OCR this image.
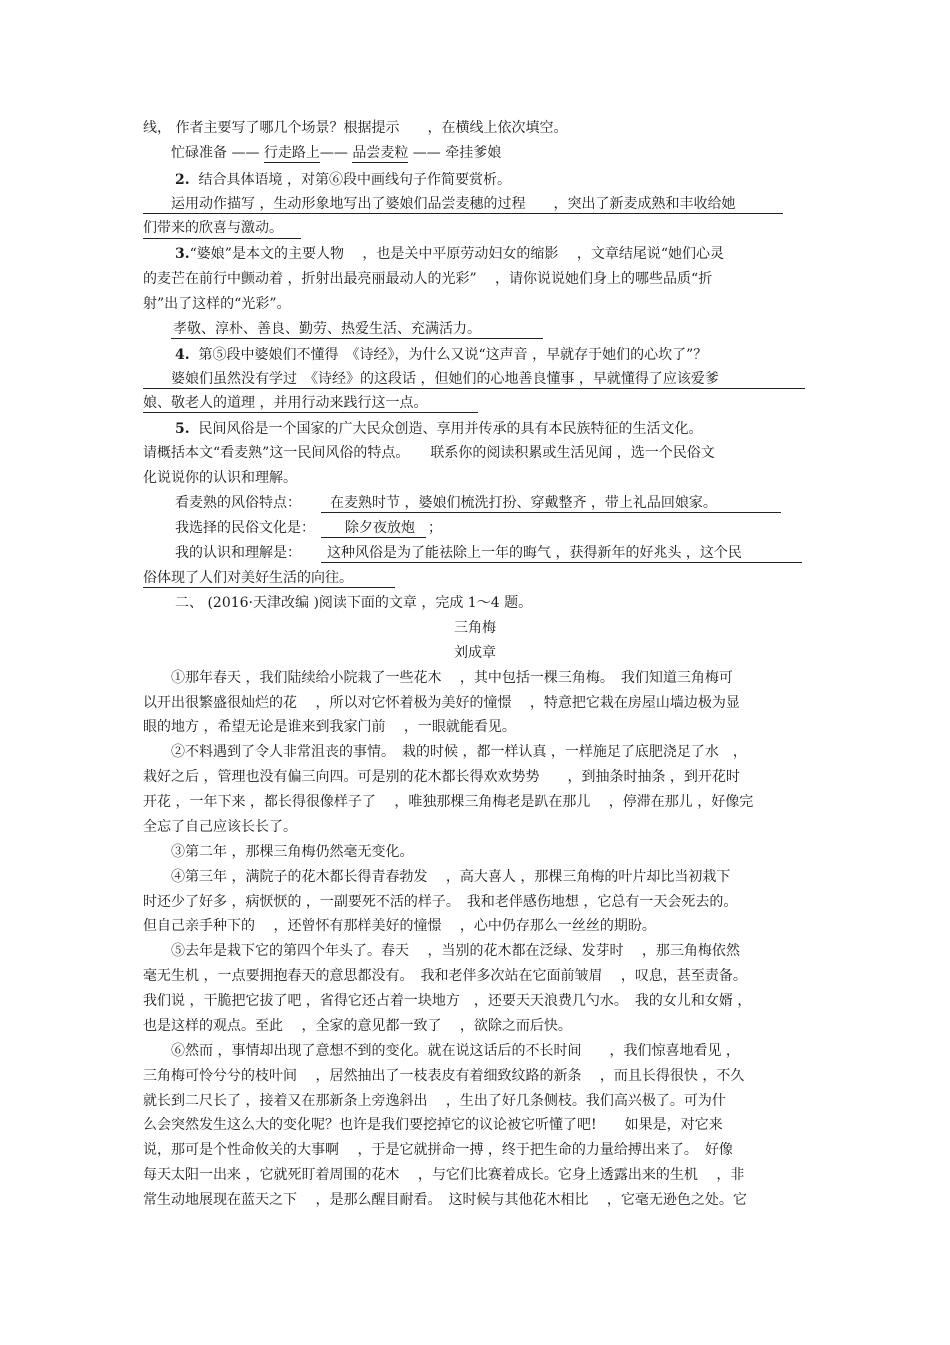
线， 作者主要写了哪几个场景？根据提示　　，在横线上依次填空。
忙碌准备 —— 行走路上—— 品尝麦粒 —— 牵挂爹娘
2. 结合具体语境 ，对第⑥段中画线句子作简要赏析。
运用动作描写 ，生动形象地写出了婆娘们品尝麦穗的过程　　，突出了新麦成熟和丰收给她
们带来的欣喜与激动。
3.“婆娘”是本文的主要人物　 ，也是关中平原劳动妇女的缩影　 ，文章结尾说“她们心灵
的麦芒在前行中颤动着 ，折射出最亮丽最动人的光彩”　 ，请你说说她们身上的哪些品质“折
射”出了这样的“光彩”。
孝敬、淳朴、善良、勤劳、热爱生活、充满活力。
4. 第⑤段中婆娘们不懂得　《诗经》，为什么又说“这声音 ，早就存于她们的心坎了”？
婆娘们虽然没有学过　《诗经》的这段话 ，但她们的心地善良懂事 ，早就懂得了应该爱爹
娘、敬老人的道理 ，并用行动来践行这一点。
5. 民间风俗是一个国家的广大民众创造、享用并传承的具有本民族特征的生活文化。
请概括本文“看麦熟”这一民间风俗的特点。　　联系你的阅读积累或生活见闻 ，选一个民俗文
化说说你的认识和理解。
看麦熟的风俗特点： 在麦熟时节 ，婆娘们梳洗打扮、穿戴整齐 ，带上礼品回娘家。
我选择的民俗文化是： 除夕夜放炮 ；
我的认识和理解是： 这种风俗是为了能祛除上一年的晦气 ，获得新年的好兆头 ，这个民
俗体现了人们对美好生活的向往。
二、 (2016·天津改编 )阅读下面的文章 ，完成 1～4 题。
三角梅
刘成章
①那年春天 ，我们陆续给小院栽了一些花木　 ，其中包括一棵三角梅。　我们知道三角梅可
以开出很繁盛很灿烂的花　 ，所以对它怀着极为美好的憧憬　 ，特意把它栽在房屋山墙边极为显
眼的地方 ，希望无论是谁来到我家门前　 ，一眼就能看见。
②不料遇到了令人非常沮丧的事情。　栽的时候 ，都一样认真 ，一样施足了底肥浇足了水　，
栽好之后 ，管理也没有偏三向四。可是别的花木都长得欢欢势势　　，到抽条时抽条 ，到开花时
开花 ，一年下来 ，都长得很像样子了　 ，唯独那棵三角梅老是趴在那儿　 ，停滞在那儿 ，好像完
全忘了自己应该长长了。
③第二年 ，那棵三角梅仍然毫无变化。
④第三年 ，满院子的花木都长得青春勃发　 ，高大喜人 ，那棵三角梅的叶片却比当初栽下
时还少了好多 ，病恹恹的 ，一副要死不活的样子。　我和老伴感伤地想 ，它总有一天会死去的。
但自己亲手种下的　 ，还曾怀有那样美好的憧憬　 ，心中仍存那么一丝丝的期盼。
⑤去年是栽下它的第四个年头了。春天　 ，当别的花木都在泛绿、发芽时　 ，那三角梅依然
毫无生机 ，一点要拥抱春天的意思都没有。　我和老伴多次站在它面前皱眉　 ，叹息，甚至责备。
我们说 ，干脆把它拔了吧 ，省得它还占着一块地方　，还要天天浪费几勺水。　我的女儿和女婿 ，
也是这样的观点。至此　 ，全家的意见都一致了　 ，欲除之而后快。
⑥然而 ，事情却出现了意想不到的变化。就在说这话后的不长时间　　，我们惊喜地看见 ，
三角梅可怜兮兮的枝叶间　 ，居然抽出了一枝表皮有着细致纹路的新条　 ，而且长得很快 ，不久
就长到二尺长了 ，接着又在那新条上旁逸斜出　 ，生出了好几条侧枝。我们高兴极了。可为什
么会突然发生这么大的变化呢？也许是我们要挖掉它的议论被它听懂了吧!　　如果是，对它来
说，那可是个性命攸关的大事啊　 ，于是它就拼命一搏 ，终于把生命的力量给搏出来了。　好像
每天太阳一出来 ，它就死盯着周围的花木　 ，与它们比赛着成长。它身上透露出来的生机　 ，非
常生动地展现在蓝天之下　 ，是那么醒目耐看。　这时候与其他花木相比　 ，它毫无逊色之处。它
